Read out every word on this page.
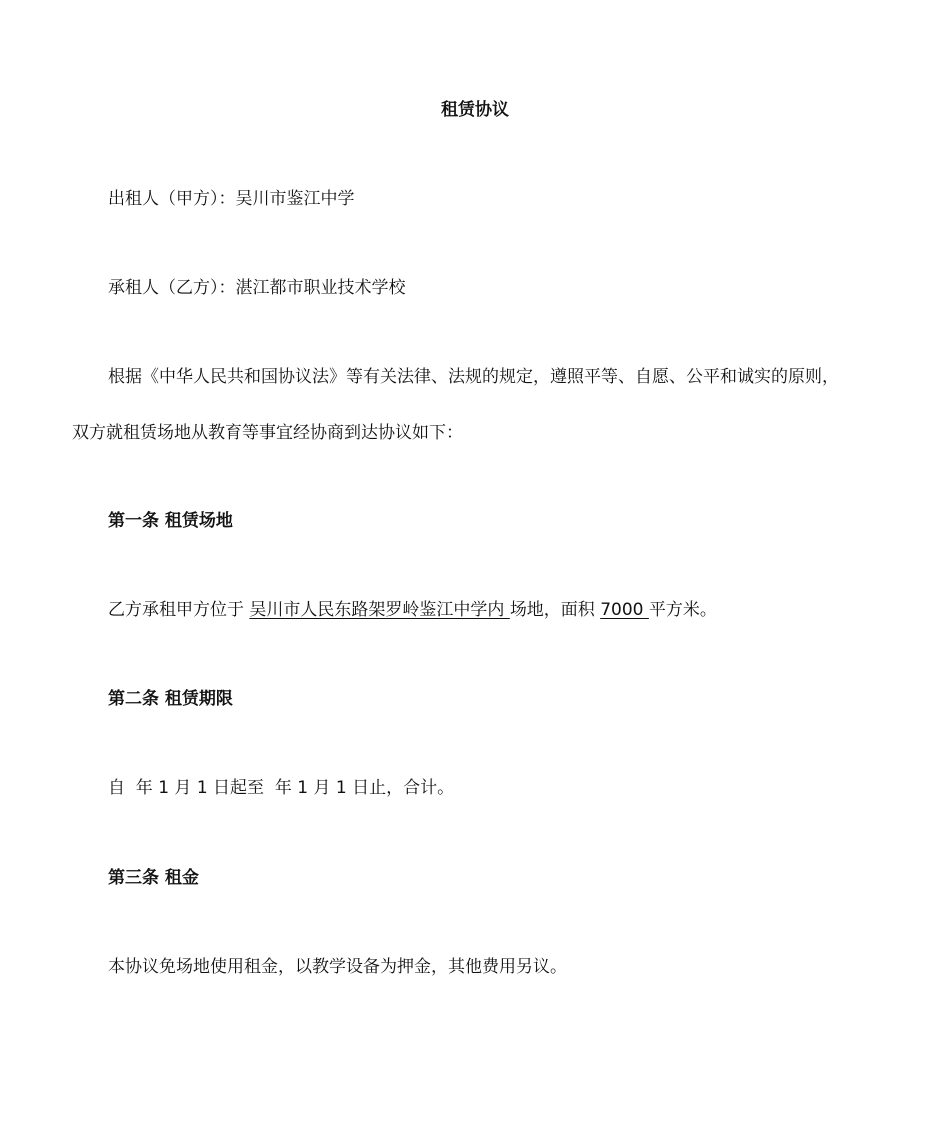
租赁协议
出租人（甲方）：吴川市鉴江中学
承租人（乙方）：湛江都市职业技术学校
根据《中华人民共和国协议法》等有关法律、法规的规定，遵照平等、自愿、公平和诚实的原则，
双方就租赁场地从教育等事宜经协商到达协议如下：
第一条 租赁场地
乙方承租甲方位于 吴川市人民东路架罗岭鉴江中学内 场地，面积 7000 平方米。
第二条 租赁期限
自  年 1 月 1 日起至  年 1 月 1 日止，合计。
第三条 租金
本协议免场地使用租金，以教学设备为押金，其他费用另议。
